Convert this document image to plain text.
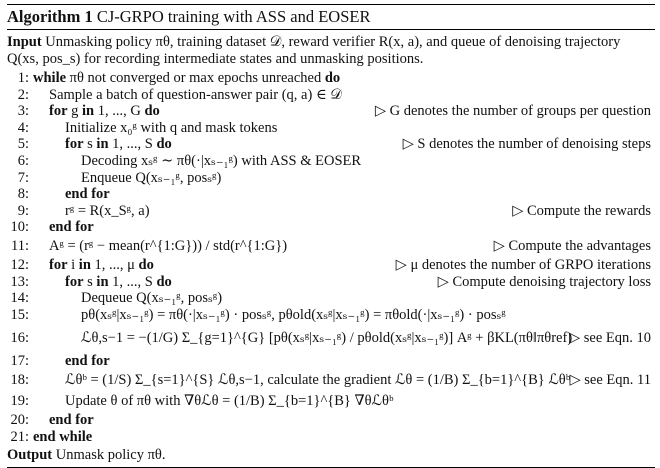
Algorithm 1 CJ-GRPO training with ASS and EOSER
Input Unmasking policy πθ, training dataset 𝒟, reward verifier R(x, a), and queue of denoising trajectory Q(xs, pos_s) for recording intermediate states and unmasking positions.
1: while πθ not converged or max epochs unreached do
2: Sample a batch of question-answer pair (q, a) ∈ 𝒟
3: for g in 1, ..., G do	▷ G denotes the number of groups per question
4: Initialize x₀ᵍ with q and mask tokens
5: for s in 1, ..., S do	▷ S denotes the number of denoising steps
6:	Decoding xₛᵍ ∼ πθ(·|xₛ₋₁ᵍ) with ASS & EOSER
7:	Enqueue Q(xₛ₋₁ᵍ, posₛᵍ)
8: end for
9: rᵍ = R(x_Sᵍ, a)	▷ Compute the rewards
10: end for
11: Aᵍ = (rᵍ − mean(r^{1:G})) / std(r^{1:G})	▷ Compute the advantages
12: for i in 1, ..., μ do	▷ μ denotes the number of GRPO iterations
13: for s in 1, ..., S do	▷ Compute denoising trajectory loss
14:	Dequeue Q(xₛ₋₁ᵍ, posₛᵍ)
15:	pθ(xₛᵍ|xₛ₋₁ᵍ) = πθ(·|xₛ₋₁ᵍ) · posₛᵍ, pθold(xₛᵍ|xₛ₋₁ᵍ) = πθold(·|xₛ₋₁ᵍ) · posₛᵍ
16:	ℒθ,s−1 = −(1/G) Σ_{g=1}^{G} [pθ(xₛᵍ|xₛ₋₁ᵍ) / pθold(xₛᵍ|xₛ₋₁ᵍ)] Aᵍ + βKL(πθ‖πθref)
▷ see Eqn. 10
17: end for
18: ℒθᵇ = (1/S) Σ_{s=1}^{S} ℒθ,s−1, calculate the gradient ℒθ = (1/B) Σ_{b=1}^{B} ℒθᵇ ▷ see Eqn. 11
19: Update θ of πθ with ∇θℒθ = (1/B) Σ_{b=1}^{B} ∇θℒθᵇ
20: end for
21: end while
Output Unmask policy πθ.
